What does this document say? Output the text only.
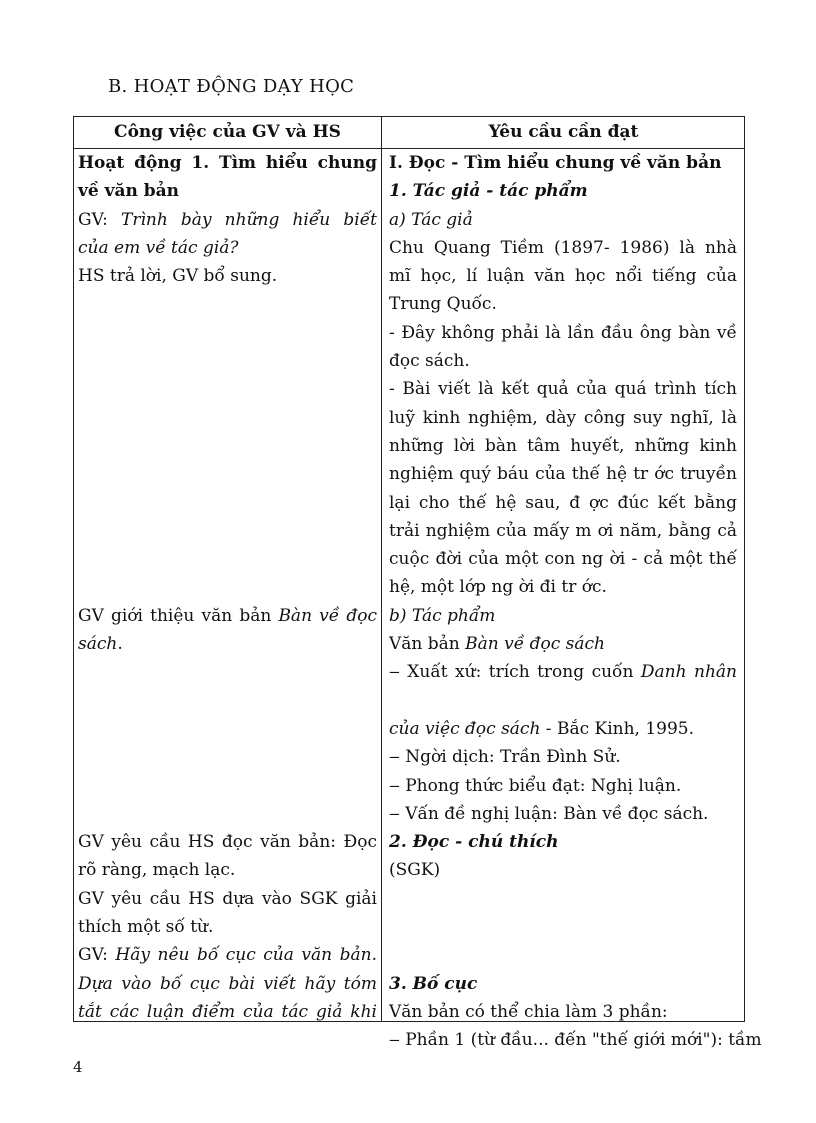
B. HOẠT ĐỘNG DẠY HỌC
Công việc của GV và HS	Yêu cầu cần đạt
Hoạt động 1. Tìm hiểu chung
về văn bản
GV: Trình bày những hiểu biết
của em về tác giả?
HS trả lời, GV bổ sung.
GV giới thiệu văn bản Bàn về đọc
sách.
GV yêu cầu HS đọc văn bản: Đọc
rõ ràng, mạch lạc.
GV yêu cầu HS dựa vào SGK giải
thích một số từ.
GV: Hãy nêu bố cục của văn bản.
Dựa vào bố cục bài viết hãy tóm
tắt các luận điểm của tác giả khi
I. Đọc - Tìm hiểu chung về văn bản
1. Tác giả - tác phẩm
a) Tác giả
Chu Quang Tiềm (1897- 1986) là nhà
mĩ học, lí luận văn học nổi tiếng của
Trung Quốc.
- Đây không phải là lần đầu ông bàn về
đọc sách.
- Bài viết là kết quả của quá trình tích
luỹ kinh nghiệm, dày công suy nghĩ, là
những lời bàn tâm huyết, những kinh
nghiệm quý báu của thế hệ tr ớc truyền
lại cho thế hệ sau, đ ợc đúc kết bằng
trải nghiệm của mấy m ơi năm, bằng cả
cuộc đời của một con ng ời - cả một thế
hệ, một lớp ng ời đi tr ớc.
b) Tác phẩm
Văn bản Bàn về đọc sách
‒ Xuất xứ: trích trong cuốn Danh nhân
của việc đọc sách - Bắc Kinh, 1995.
‒ Ngời dịch: Trần Đình Sử.
‒ Phong thức biểu đạt: Nghị luận.
‒ Vấn đề nghị luận: Bàn về đọc sách.
2. Đọc - chú thích
(SGK)
3. Bố cục
Văn bản có thể chia làm 3 phần:
‒ Phần 1 (từ đầu... đến "thế giới mới"): tầm
4
